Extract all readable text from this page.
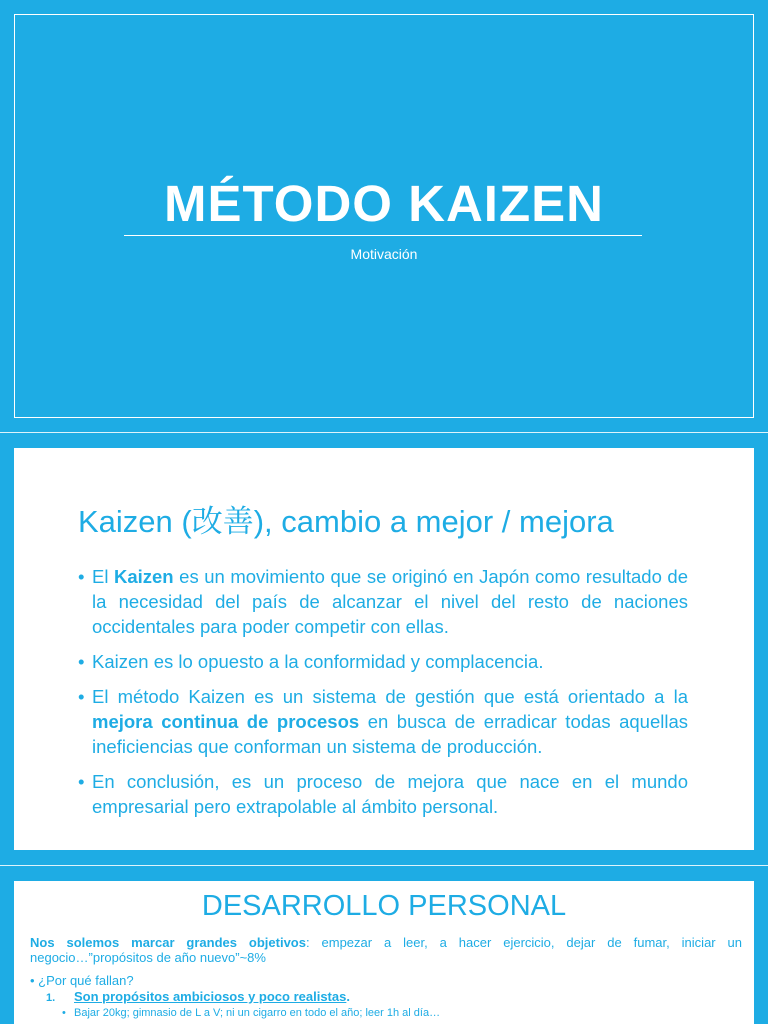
MÉTODO KAIZEN
Motivación
Kaizen (改善), cambio a mejor / mejora
• El Kaizen es un movimiento que se originó en Japón como resultado de la necesidad del país de alcanzar el nivel del resto de naciones occidentales para poder competir con ellas.
• Kaizen es lo opuesto a la conformidad y complacencia.
• El método Kaizen es un sistema de gestión que está orientado a la mejora continua de procesos en busca de erradicar todas aquellas ineficiencias que conforman un sistema de producción.
• En conclusión, es un proceso de mejora que nace en el mundo empresarial pero extrapolable al ámbito personal.
DESARROLLO PERSONAL

Nos solemos marcar grandes objetivos: empezar a leer, a hacer ejercicio, dejar de fumar, iniciar un negocio…”propósitos de año nuevo”~8%

• ¿Por qué fallan?

1. Son propósitos ambiciosos y poco realistas.

• Bajar 20kg; gimnasio de L a V; ni un cigarro en todo el año; leer 1h al día…
